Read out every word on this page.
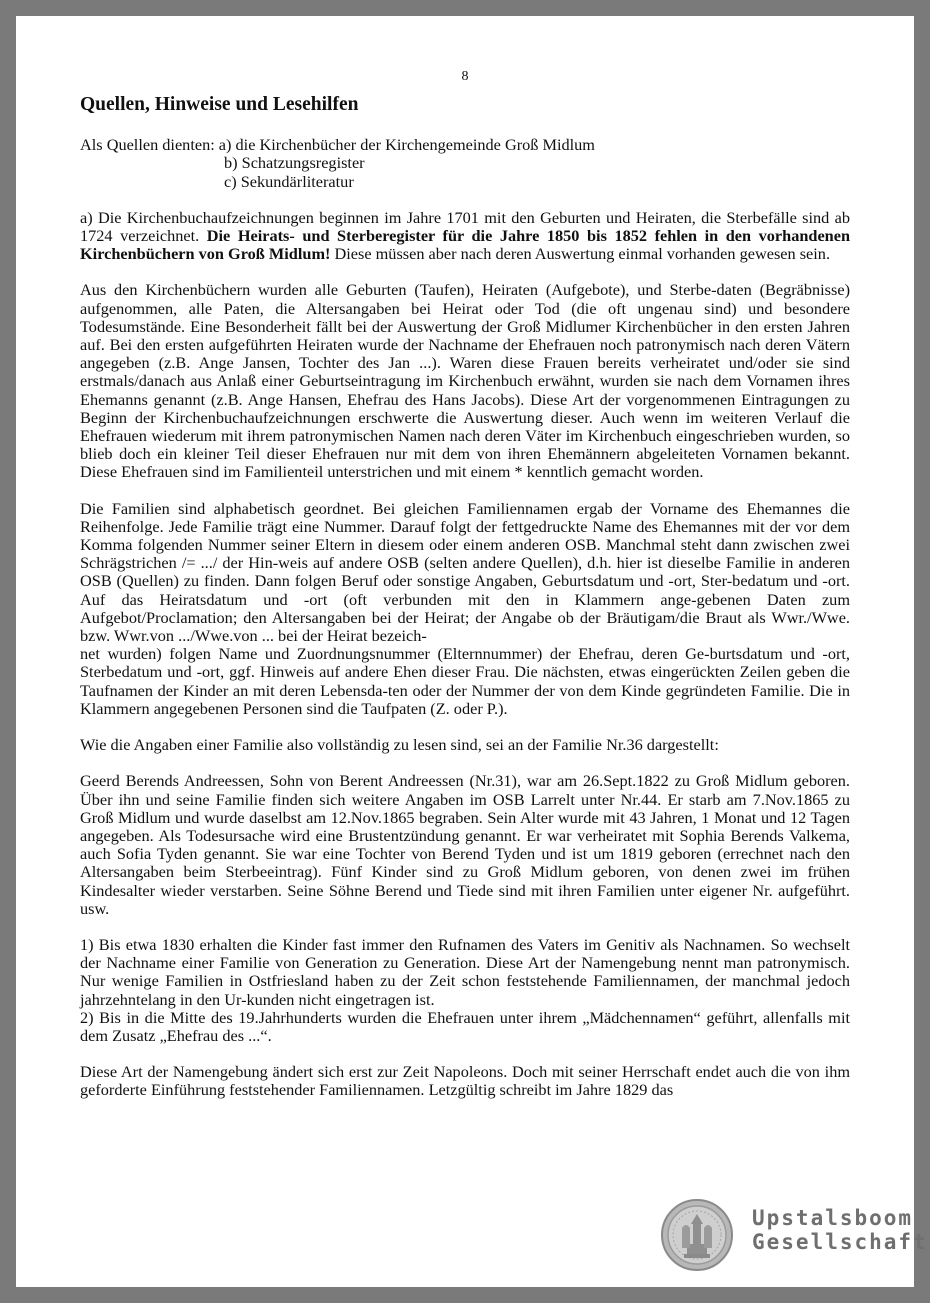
8
Quellen, Hinweise und Lesehilfen
Als Quellen dienten: a) die Kirchenbücher der Kirchengemeinde Groß Midlum
b) Schatzungsregister
c) Sekundärliteratur

a) Die Kirchenbuchaufzeichnungen beginnen im Jahre 1701 mit den Geburten und Heiraten, die Sterbefälle sind ab 1724 verzeichnet. Die Heirats- und Sterberegister für die Jahre 1850 bis 1852 fehlen in den vorhandenen Kirchenbüchern von Groß Midlum! Diese müssen aber nach deren Auswertung einmal vorhanden gewesen sein.

Aus den Kirchenbüchern wurden alle Geburten (Taufen), Heiraten (Aufgebote), und Sterbe-daten (Begräbnisse) aufgenommen, alle Paten, die Altersangaben bei Heirat oder Tod (die oft ungenau sind) und besondere Todesumstände. Eine Besonderheit fällt bei der Auswertung der Groß Midlumer Kirchenbücher in den ersten Jahren auf. Bei den ersten aufgeführten Heiraten wurde der Nachname der Ehefrauen noch patronymisch nach deren Vätern angegeben (z.B. Ange Jansen, Tochter des Jan ...). Waren diese Frauen bereits verheiratet und/oder sie sind erstmals/danach aus Anlaß einer Geburtseintragung im Kirchenbuch erwähnt, wurden sie nach dem Vornamen ihres Ehemanns genannt (z.B. Ange Hansen, Ehefrau des Hans Jacobs). Diese Art der vorgenommenen Eintragungen zu Beginn der Kirchenbuchaufzeichnungen erschwerte die Auswertung dieser. Auch wenn im weiteren Verlauf die Ehefrauen wiederum mit ihrem patronymischen Namen nach deren Väter im Kirchenbuch eingeschrieben wurden, so blieb doch ein kleiner Teil dieser Ehefrauen nur mit dem von ihren Ehemännern abgeleiteten Vornamen bekannt. Diese Ehefrauen sind im Familienteil unterstrichen und mit einem * kenntlich gemacht worden.

Die Familien sind alphabetisch geordnet. Bei gleichen Familiennamen ergab der Vorname des Ehemannes die Reihenfolge. Jede Familie trägt eine Nummer. Darauf folgt der fettgedruckte Name des Ehemannes mit der vor dem Komma folgenden Nummer seiner Eltern in diesem oder einem anderen OSB. Manchmal steht dann zwischen zwei Schrägstrichen /= .../ der Hin-weis auf andere OSB (selten andere Quellen), d.h. hier ist dieselbe Familie in anderen OSB (Quellen) zu finden. Dann folgen Beruf oder sonstige Angaben, Geburtsdatum und -ort, Ster-bedatum und -ort. Auf das Heiratsdatum und -ort (oft verbunden mit den in Klammern ange-gebenen Daten zum Aufgebot/Proclamation; den Altersangaben bei der Heirat; der Angabe ob der Bräutigam/die Braut als Wwr./Wwe. bzw. Wwr.von .../Wwe.von ... bei der Heirat bezeich-

net wurden) folgen Name und Zuordnungsnummer (Elternnummer) der Ehefrau, deren Ge-burtsdatum und -ort, Sterbedatum und -ort, ggf. Hinweis auf andere Ehen dieser Frau. Die nächsten, etwas eingerückten Zeilen geben die Taufnamen der Kinder an mit deren Lebensda-ten oder der Nummer der von dem Kinde gegründeten Familie. Die in Klammern angegebenen Personen sind die Taufpaten (Z. oder P.).

Wie die Angaben einer Familie also vollständig zu lesen sind, sei an der Familie Nr.36 dargestellt:

Geerd Berends Andreessen, Sohn von Berent Andreessen (Nr.31), war am 26.Sept.1822 zu Groß Midlum geboren. Über ihn und seine Familie finden sich weitere Angaben im OSB Larrelt unter Nr.44. Er starb am 7.Nov.1865 zu Groß Midlum und wurde daselbst am 12.Nov.1865 begraben. Sein Alter wurde mit 43 Jahren, 1 Monat und 12 Tagen angegeben. Als Todesursache wird eine Brustentzündung genannt. Er war verheiratet mit Sophia Berends Valkema, auch Sofia Tyden genannt. Sie war eine Tochter von Berend Tyden und ist um 1819 geboren (errechnet nach den Altersangaben beim Sterbeeintrag). Fünf Kinder sind zu Groß Midlum geboren, von denen zwei im frühen Kindesalter wieder verstarben. Seine Söhne Berend und Tiede sind mit ihren Familien unter eigener Nr. aufgeführt. usw.

1) Bis etwa 1830 erhalten die Kinder fast immer den Rufnamen des Vaters im Genitiv als Nachnamen. So wechselt der Nachname einer Familie von Generation zu Generation. Diese Art der Namengebung nennt man patronymisch. Nur wenige Familien in Ostfriesland haben zu der Zeit schon feststehende Familiennamen, der manchmal jedoch jahrzehntelang in den Ur-kunden nicht eingetragen ist.

2) Bis in die Mitte des 19.Jahrhunderts wurden die Ehefrauen unter ihrem „Mädchennamen“ geführt, allenfalls mit dem Zusatz „Ehefrau des ...“.

Diese Art der Namengebung ändert sich erst zur Zeit Napoleons. Doch mit seiner Herrschaft endet auch die von ihm geforderte Einführung feststehender Familiennamen. Letzgültig schreibt im Jahre 1829 das

Upstalsboom
Gesellschaft
